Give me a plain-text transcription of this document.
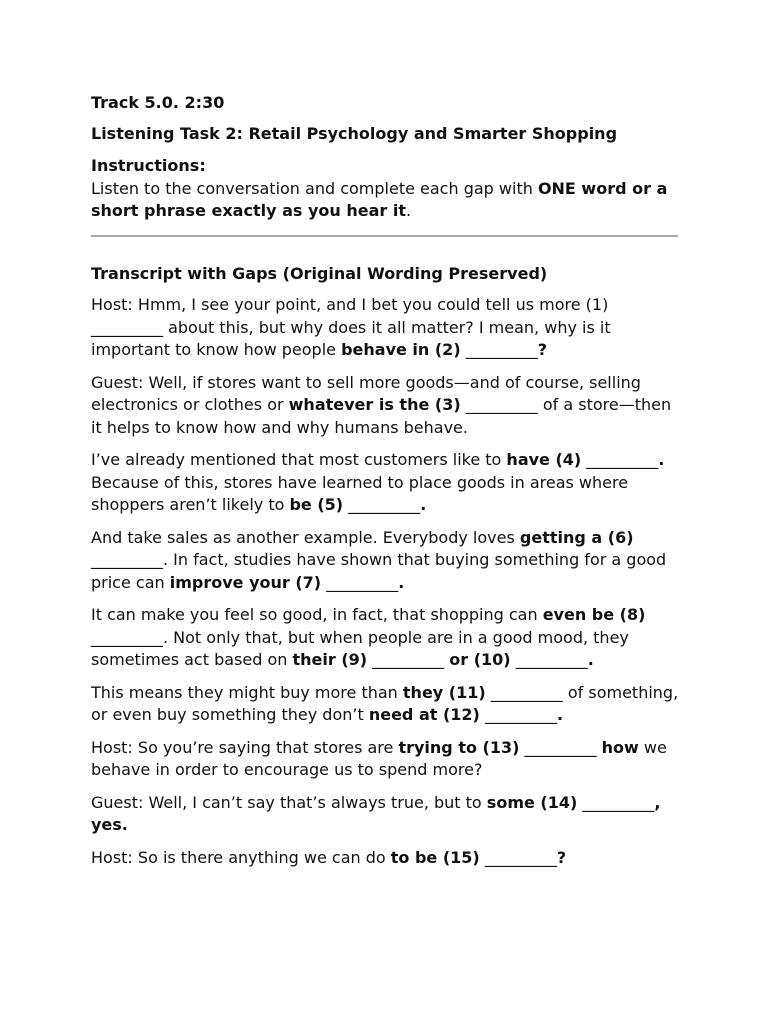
Track 5.0. 2:30

Listening Task 2: Retail Psychology and Smarter Shopping

Instructions:

Listen to the conversation and complete each gap with ONE word or a short phrase exactly as you hear it.

Transcript with Gaps (Original Wording Preserved)

Host: Hmm, I see your point, and I bet you could tell us more (1) _________ about this, but why does it all matter? I mean, why is it important to know how people behave in (2) _________?

Guest: Well, if stores want to sell more goods—and of course, selling electronics or clothes or whatever is the (3) _________ of a store—then it helps to know how and why humans behave.

I’ve already mentioned that most customers like to have (4) _________. Because of this, stores have learned to place goods in areas where shoppers aren’t likely to be (5) _________.

And take sales as another example. Everybody loves getting a (6) _________. In fact, studies have shown that buying something for a good price can improve your (7) _________.

It can make you feel so good, in fact, that shopping can even be (8) _________. Not only that, but when people are in a good mood, they sometimes act based on their (9) _________ or (10) _________.

This means they might buy more than they (11) _________ of something, or even buy something they don’t need at (12) _________.

Host: So you’re saying that stores are trying to (13) _________ how we behave in order to encourage us to spend more?

Guest: Well, I can’t say that’s always true, but to some (14) _________, yes.

Host: So is there anything we can do to be (15) _________?
